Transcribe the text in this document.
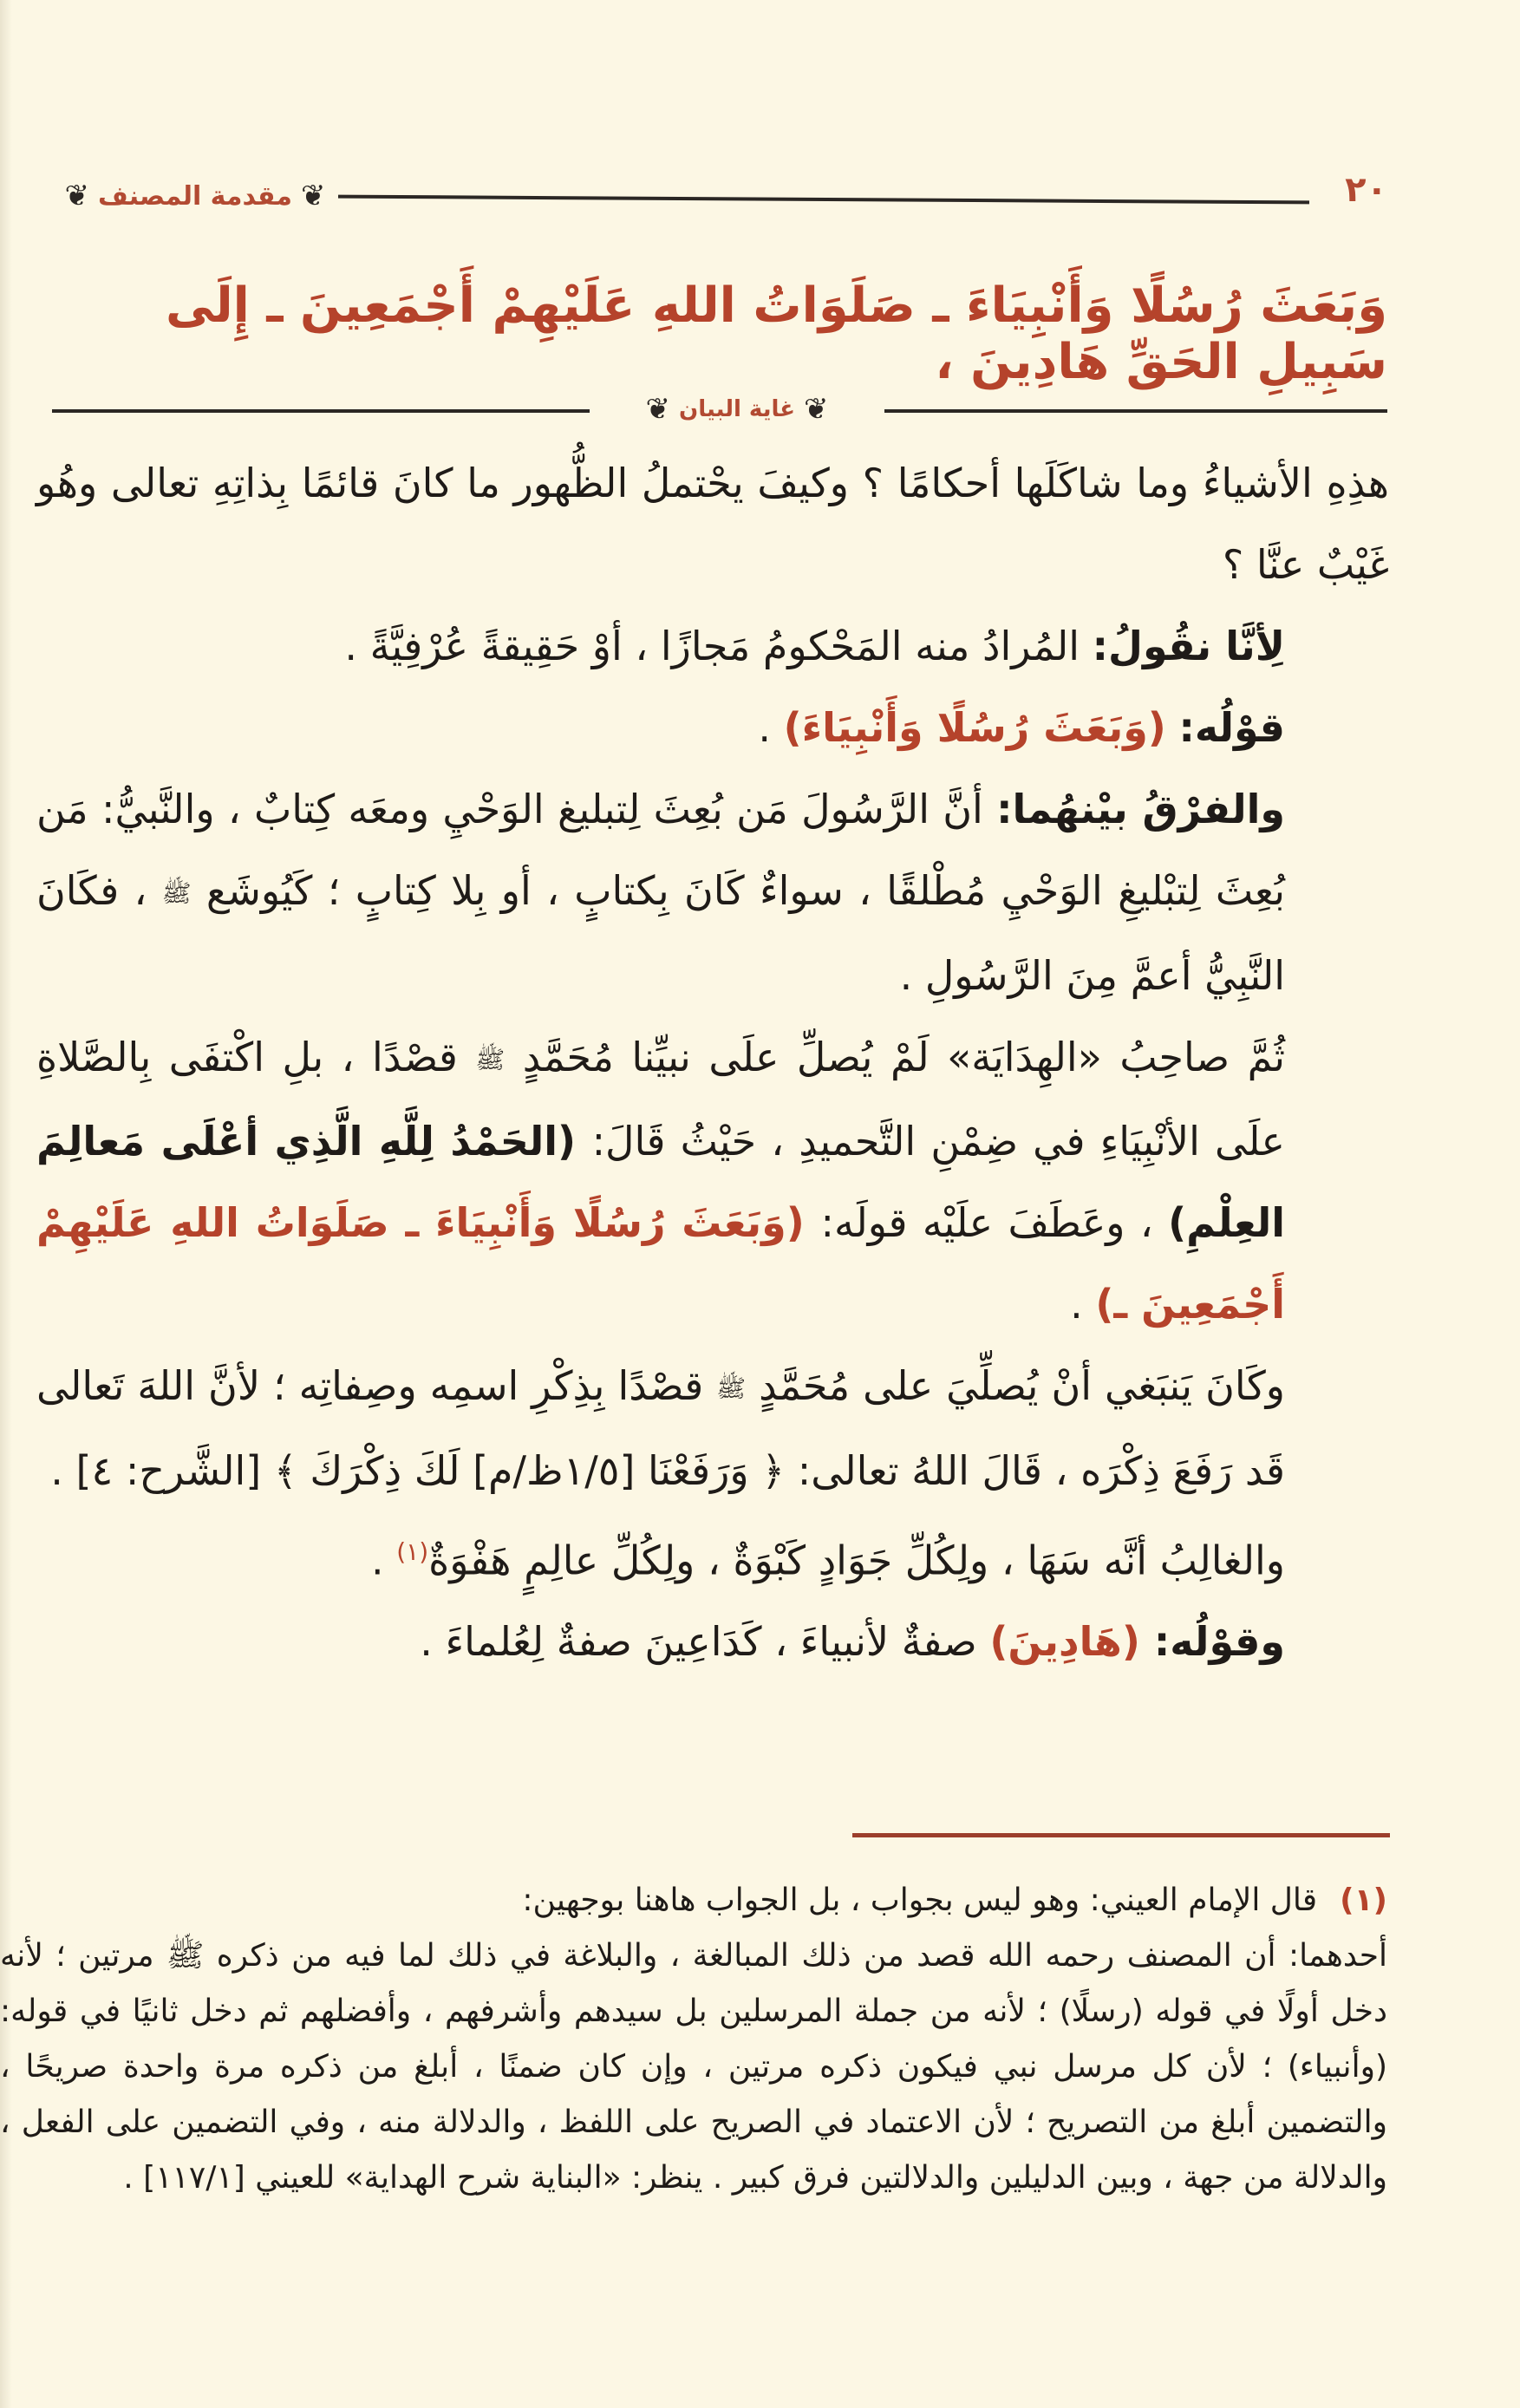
٢٠
❦
مقدمة المصنف
❦
وَبَعَثَ رُسُلًا وَأَنْبِيَاءَ ـ صَلَوَاتُ اللهِ عَلَيْهِمْ أَجْمَعِينَ ـ إِلَى سَبِيلِ الحَقِّ هَادِينَ ،
❦
غاية البيان
❦

هذِهِ الأشياءُ وما شاكَلَها أحكامًا ؟ وكيفَ يحْتملُ الظُّهور ما كانَ قائمًا بِذاتِهِ تعالى وهُو غَيْبٌ عنَّا ؟

لِأنَّا نقُولُ: المُرادُ منه المَحْكومُ مَجازًا ، أوْ حَقِيقةً عُرْفِيَّةً .

قوْلُه: (وَبَعَثَ رُسُلًا وَأَنْبِيَاءَ) .

والفرْقُ بيْنهُما: أنَّ الرَّسُولَ مَن بُعِثَ لِتبليغ الوَحْيِ ومعَه كِتابٌ ، والنَّبيُّ: مَن بُعِثَ لِتبْليغِ الوَحْيِ مُطْلقًا ، سواءٌ كَانَ بِكتابٍ ، أو بِلا كِتابٍ ؛ كَيُوشَع ﷺ ، فكَانَ النَّبِيُّ أعمَّ مِنَ الرَّسُولِ .

ثُمَّ صاحِبُ «الهِدَايَة» لَمْ يُصلِّ علَى نبيِّنا مُحَمَّدٍ ﷺ قصْدًا ، بلِ اكْتفَى بِالصَّلاةِ علَى الأنْبِيَاءِ في ضِمْنِ التَّحميدِ ، حَيْثُ قَالَ: (الحَمْدُ لِلَّهِ الَّذِي أعْلَى مَعالِمَ العِلْمِ) ، وعَطَفَ علَيْه قولَه: (وَبَعَثَ رُسُلًا وَأَنْبِيَاءَ ـ صَلَوَاتُ اللهِ عَلَيْهِمْ أَجْمَعِينَ ـ) .

وكَانَ يَنبَغي أنْ يُصلِّيَ على مُحَمَّدٍ ﷺ قصْدًا بِذِكْرِ اسمِه وصِفاتِه ؛ لأنَّ اللهَ تَعالى قَد رَفَعَ ذِكْرَه ، قَالَ اللهُ تعالى: ﴿ وَرَفَعْنَا [١/٥ظ/م] لَكَ ذِكْرَكَ ﴾ [الشَّرح: ٤] .

والغالِبُ أنَّه سَهَا ، ولِكُلِّ جَوَادٍ كَبْوَةٌ ، ولِكُلِّ عالِمٍ هَفْوَةٌ$^{(١)}$ .

وقوْلُه: (هَادِينَ) صفةٌ لأنبياءَ ، كَدَاعِينَ صفةٌ لِعُلماءَ .

(١)
قال الإمام العيني: وهو ليس بجواب ، بل الجواب هاهنا بوجهين:

أحدهما: أن المصنف رحمه الله قصد من ذلك المبالغة ، والبلاغة في ذلك لما فيه من ذكره ﷺ مرتين ؛ لأنه دخل أولًا في قوله (رسلًا) ؛ لأنه من جملة المرسلين بل سيدهم وأشرفهم ، وأفضلهم ثم دخل ثانيًا في قوله: (وأنبياء) ؛ لأن كل مرسل نبي فيكون ذكره مرتين ، وإن كان ضمنًا ، أبلغ من ذكره مرة واحدة صريحًا ، والتضمين أبلغ من التصريح ؛ لأن الاعتماد في الصريح على اللفظ ، والدلالة منه ، وفي التضمين على الفعل ، والدلالة من جهة ، وبين الدليلين والدلالتين فرق كبير . ينظر: «البناية شرح الهداية» للعيني [١١٧/١] .
